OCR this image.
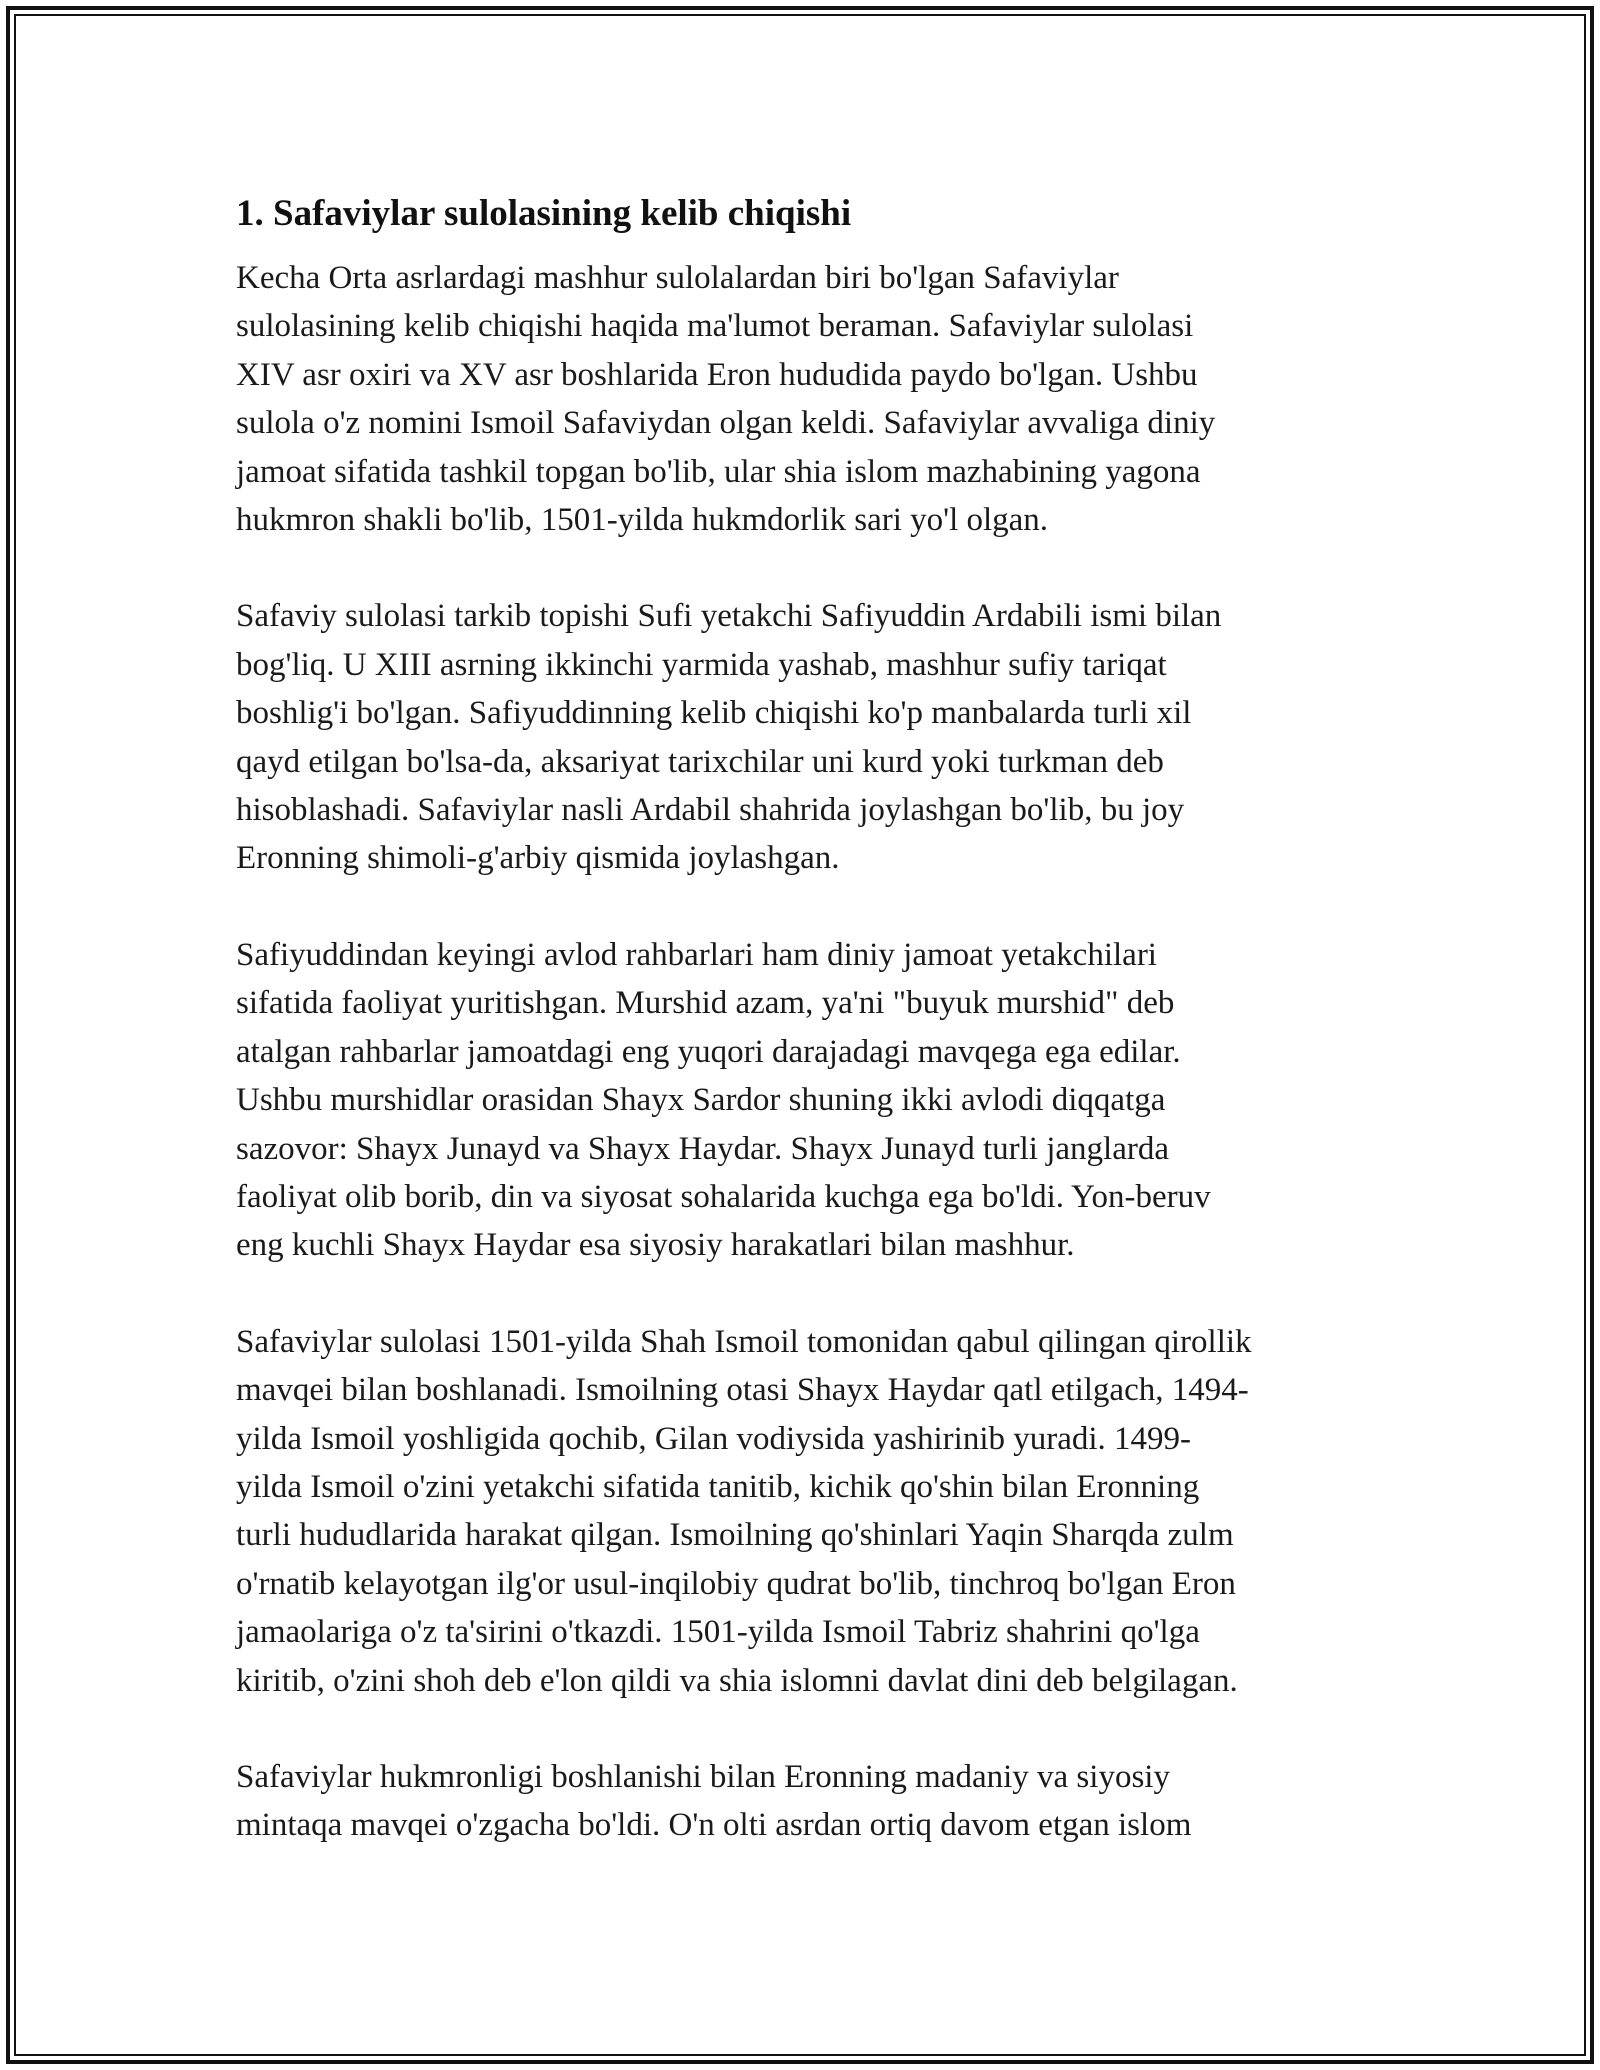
1. Safaviylar sulolasining kelib chiqishi

Kecha Orta asrlardagi mashhur sulolalardan biri bo'lgan Safaviylar
sulolasining kelib chiqishi haqida ma'lumot beraman. Safaviylar sulolasi
XIV asr oxiri va XV asr boshlarida Eron hududida paydo bo'lgan. Ushbu
sulola o'z nomini Ismoil Safaviydan olgan keldi. Safaviylar avvaliga diniy
jamoat sifatida tashkil topgan bo'lib, ular shia islom mazhabining yagona
hukmron shakli bo'lib, 1501-yilda hukmdorlik sari yo'l olgan.

Safaviy sulolasi tarkib topishi Sufi yetakchi Safiyuddin Ardabili ismi bilan
bog'liq. U XIII asrning ikkinchi yarmida yashab, mashhur sufiy tariqat
boshlig'i bo'lgan. Safiyuddinning kelib chiqishi ko'p manbalarda turli xil
qayd etilgan bo'lsa-da, aksariyat tarixchilar uni kurd yoki turkman deb
hisoblashadi. Safaviylar nasli Ardabil shahrida joylashgan bo'lib, bu joy
Eronning shimoli-g'arbiy qismida joylashgan.

Safiyuddindan keyingi avlod rahbarlari ham diniy jamoat yetakchilari
sifatida faoliyat yuritishgan. Murshid azam, ya'ni "buyuk murshid" deb
atalgan rahbarlar jamoatdagi eng yuqori darajadagi mavqega ega edilar.
Ushbu murshidlar orasidan Shayx Sardor shuning ikki avlodi diqqatga
sazovor: Shayx Junayd va Shayx Haydar. Shayx Junayd turli janglarda
faoliyat olib borib, din va siyosat sohalarida kuchga ega bo'ldi. Yon-beruv
eng kuchli Shayx Haydar esa siyosiy harakatlari bilan mashhur.

Safaviylar sulolasi 1501-yilda Shah Ismoil tomonidan qabul qilingan qirollik
mavqei bilan boshlanadi. Ismoilning otasi Shayx Haydar qatl etilgach, 1494-
yilda Ismoil yoshligida qochib, Gilan vodiysida yashirinib yuradi. 1499-
yilda Ismoil o'zini yetakchi sifatida tanitib, kichik qo'shin bilan Eronning
turli hududlarida harakat qilgan. Ismoilning qo'shinlari Yaqin Sharqda zulm
o'rnatib kelayotgan ilg'or usul-inqilobiy qudrat bo'lib, tinchroq bo'lgan Eron
jamaolariga o'z ta'sirini o'tkazdi. 1501-yilda Ismoil Tabriz shahrini qo'lga
kiritib, o'zini shoh deb e'lon qildi va shia islomni davlat dini deb belgilagan.

Safaviylar hukmronligi boshlanishi bilan Eronning madaniy va siyosiy
mintaqa mavqei o'zgacha bo'ldi. O'n olti asrdan ortiq davom etgan islom
